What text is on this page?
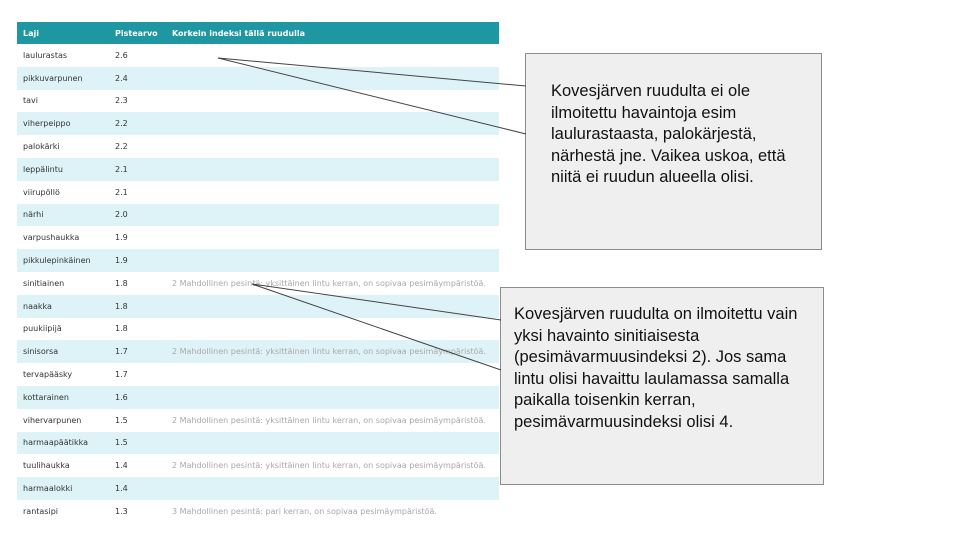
Laji	Pistearvo	Korkein indeksi tällä ruudulla
laulurastas	2.6
pikkuvarpunen	2.4
tavi	2.3
viherpeippo	2.2
palokärki	2.2
leppälintu	2.1
viirupöllö	2.1
närhi	2.0
varpushaukka	1.9
pikkulepinkäinen	1.9
sinitiainen	1.8	2 Mahdollinen pesintä: yksittäinen lintu kerran, on sopivaa pesimäympäristöä.
naakka	1.8
puukiipijä	1.8
sinisorsa	1.7	2 Mahdollinen pesintä: yksittäinen lintu kerran, on sopivaa pesimäympäristöä.
tervapääsky	1.7
kottarainen	1.6
vihervarpunen	1.5	2 Mahdollinen pesintä: yksittäinen lintu kerran, on sopivaa pesimäympäristöä.
harmaapäätikka	1.5
tuulihaukka	1.4	2 Mahdollinen pesintä: yksittäinen lintu kerran, on sopivaa pesimäympäristöä.
harmaalokki	1.4
rantasipi	1.3	3 Mahdollinen pesintä: pari kerran, on sopivaa pesimäympäristöä.
Kovesjärven ruudulta ei ole ilmoitettu havaintoja esim laulurastaasta, palokärjestä, närhestä jne. Vaikea uskoa, että niitä ei ruudun alueella olisi.
Kovesjärven ruudulta on ilmoitettu vain yksi havainto sinitiaisesta (pesimävarmuusindeksi 2). Jos sama lintu olisi havaittu laulamassa samalla paikalla toisenkin kerran, pesimävarmuusindeksi olisi 4.
